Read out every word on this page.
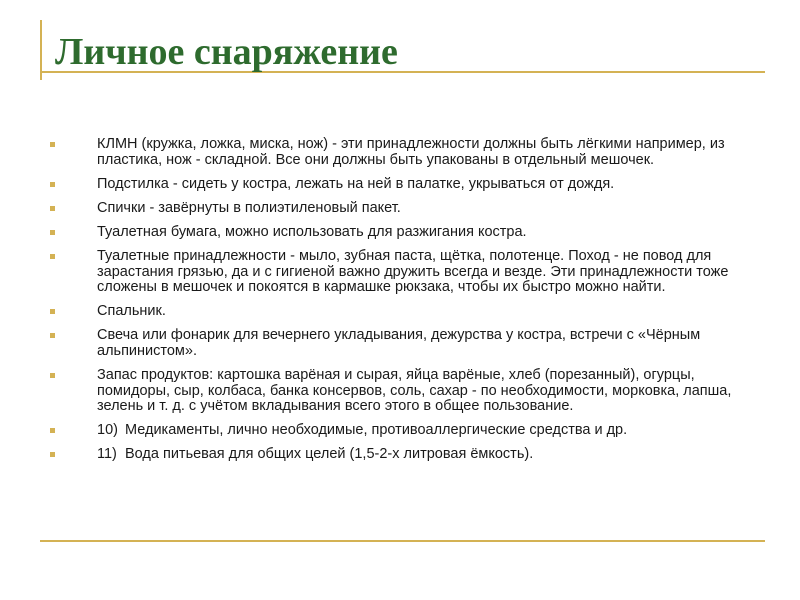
Личное снаряжение
КЛМН (кружка, ложка, миска, нож) - эти принадлежности должны быть лёгкими например, из пластика, нож - складной. Все они должны быть упакованы в отдельный мешочек.
Подстилка - сидеть у костра, лежать на ней в палатке, укрываться от дождя.
Спички - завёрнуты в полиэтиленовый пакет.
Туалетная бумага, можно использовать для разжигания костра.
Туалетные принадлежности - мыло, зубная паста, щётка, полотенце. Поход - не повод для зарастания грязью, да и с гигиеной важно дружить всегда и везде. Эти принадлежности тоже сложены в мешочек и покоятся в кармашке рюкзака, чтобы их быстро можно найти.
Спальник.
Свеча или фонарик для вечернего укладывания, дежурства у костра, встречи с «Чёрным альпинистом».
Запас продуктов: картошка варёная и сырая, яйца варёные, хлеб (порезанный), огурцы, помидоры, сыр, колбаса, банка консервов, соль, сахар - по необходимости, морковка, лапша, зелень и т. д. с учётом вкладывания всего этого в общее пользование.
10) Медикаменты, лично необходимые, противоаллергические средства и др.
11) Вода питьевая для общих целей (1,5-2-х литровая ёмкость).
